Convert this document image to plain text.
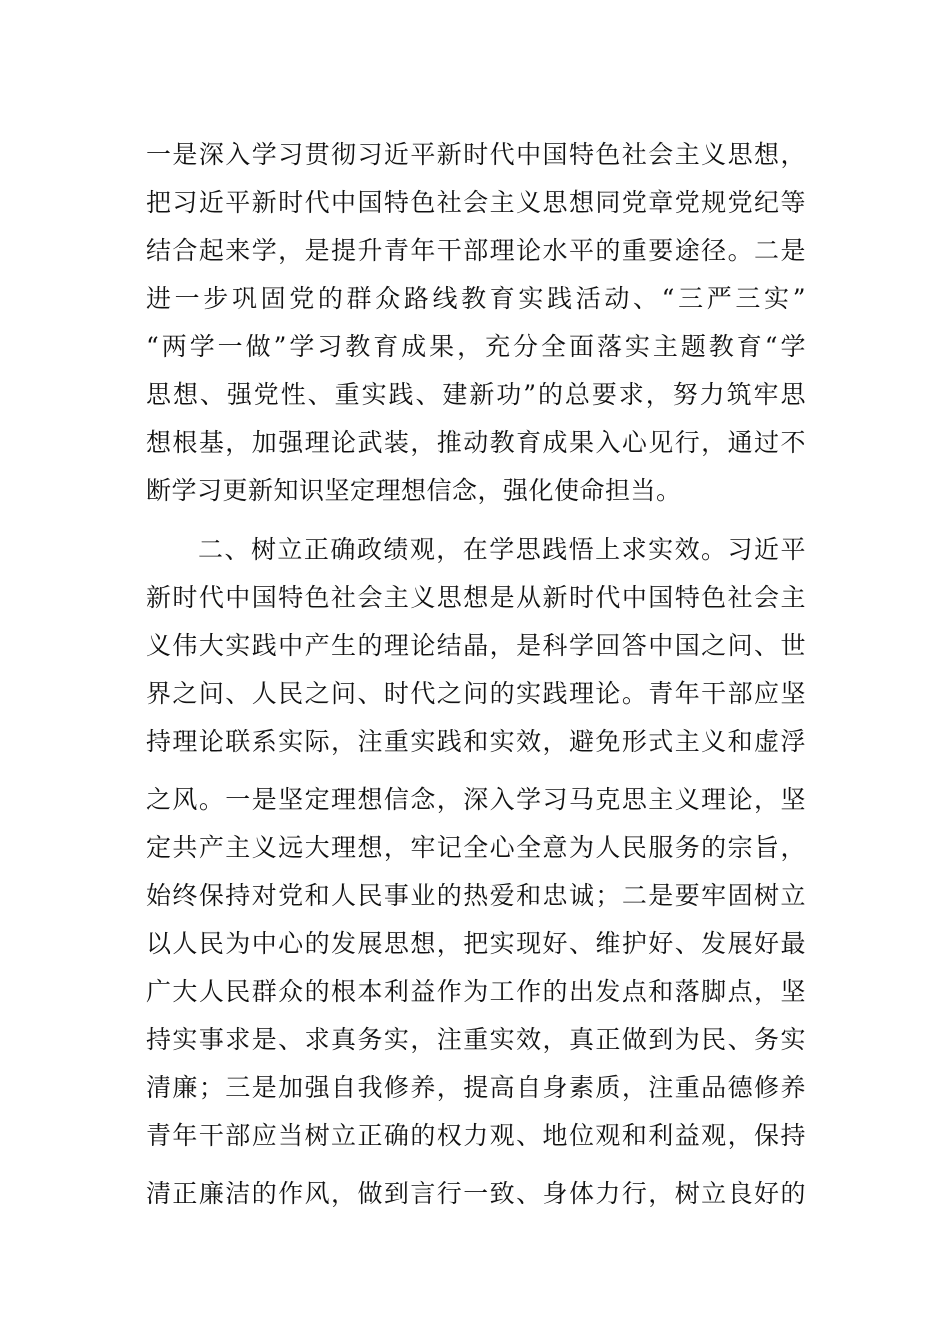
一是深入学习贯彻习近平新时代中国特色社会主义思想，
把习近平新时代中国特色社会主义思想同党章党规党纪等
结合起来学，是提升青年干部理论水平的重要途径。二是
进一步巩固党的群众路线教育实践活动、“三严三实”
“两学一做”学习教育成果，充分全面落实主题教育“学
思想、强党性、重实践、建新功”的总要求，努力筑牢思
想根基，加强理论武装，推动教育成果入心见行，通过不
断学习更新知识坚定理想信念，强化使命担当。
二、树立正确政绩观，在学思践悟上求实效。习近平
新时代中国特色社会主义思想是从新时代中国特色社会主
义伟大实践中产生的理论结晶，是科学回答中国之问、世
界之问、人民之问、时代之问的实践理论。青年干部应坚
持理论联系实际，注重实践和实效，避免形式主义和虚浮
之风。一是坚定理想信念，深入学习马克思主义理论，坚
定共产主义远大理想，牢记全心全意为人民服务的宗旨，
始终保持对党和人民事业的热爱和忠诚；二是要牢固树立
以人民为中心的发展思想，把实现好、维护好、发展好最
广大人民群众的根本利益作为工作的出发点和落脚点，坚
持实事求是、求真务实，注重实效，真正做到为民、务实
清廉；三是加强自我修养，提高自身素质，注重品德修养
青年干部应当树立正确的权力观、地位观和利益观，保持
清正廉洁的作风，做到言行一致、身体力行，树立良好的
